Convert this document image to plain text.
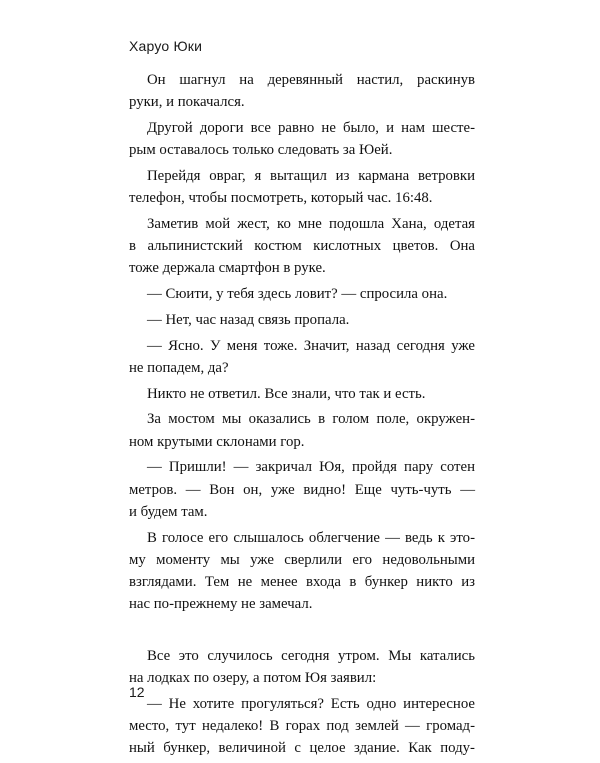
Харуо Юки
Он шагнул на деревянный настил, раскинув
руки, и покачался.
Другой дороги все равно не было, и нам шесте-
рым оставалось только следовать за Юей.
Перейдя овраг, я вытащил из кармана ветровки
телефон, чтобы посмотреть, который час. 16:48.
Заметив мой жест, ко мне подошла Хана, одетая
в альпинистский костюм кислотных цветов. Она
тоже держала смартфон в руке.
— Сюити, у тебя здесь ловит? — спросила она.
— Нет, час назад связь пропала.
— Ясно. У меня тоже. Значит, назад сегодня уже
не попадем, да?
Никто не ответил. Все знали, что так и есть.
За мостом мы оказались в голом поле, окружен-
ном крутыми склонами гор.
— Пришли! — закричал Юя, пройдя пару сотен
метров. — Вон он, уже видно! Еще чуть-чуть —
и будем там.
В голосе его слышалось облегчение — ведь к это-
му моменту мы уже сверлили его недовольными
взглядами. Тем не менее входа в бункер никто из
нас по-прежнему не замечал.
Все это случилось сегодня утром. Мы катались
на лодках по озеру, а потом Юя заявил:
— Не хотите прогуляться? Есть одно интересное
место, тут недалеко! В горах под землей — громад-
ный бункер, величиной с целое здание. Как поду-
12
